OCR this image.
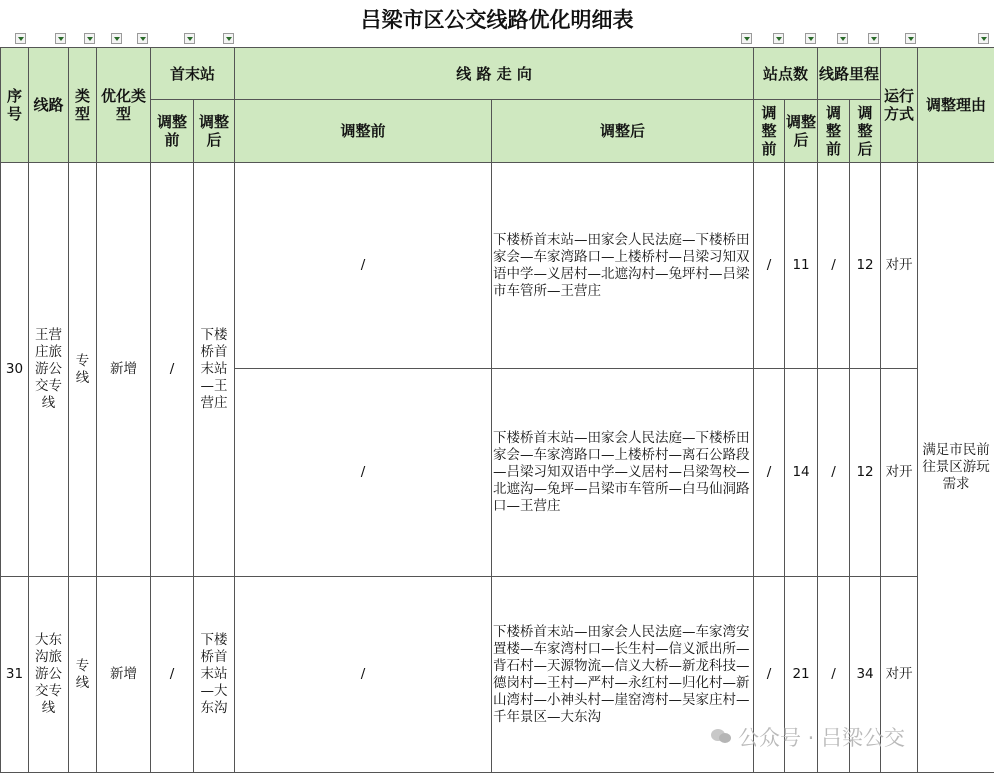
吕梁市区公交线路优化明细表
序号	线路	类型	优化类型	首末站		线 路 走 向		站点数		线路里程		运行方式	调整理由
				调整前	调整后	调整前	调整后	调整前	调整后	调整前	调整后		
30	王营庄旅游公交专线	专线	新增	/	下楼桥首末站—王营庄	/	下楼桥首末站—田家会人民法庭—下楼桥田家会—车家湾路口—上楼桥村—吕梁习知双语中学—义居村—北遮沟村—兔坪村—吕梁市车管所—王营庄	/	11	/	12	对开	满足市民前往景区游玩需求
						/	下楼桥首末站—田家会人民法庭—下楼桥田家会—车家湾路口—上楼桥村—离石公路段—吕梁习知双语中学—义居村—吕梁驾校—北遮沟—兔坪—吕梁市车管所—白马仙洞路口—王营庄	/	14	/	12	对开	
31	大东沟旅游公交专线	专线	新增	/	下楼桥首末站—大东沟	/	下楼桥首末站—田家会人民法庭—车家湾安置楼—车家湾村口—长生村—信义派出所—背石村—天源物流—信义大桥—新龙科技—德岗村—王村—严村—永红村—归化村—新山湾村—小神头村—崖窑湾村—吴家庄村—千年景区—大东沟	/	21	/	34	对开	
公众号 · 吕梁公交
